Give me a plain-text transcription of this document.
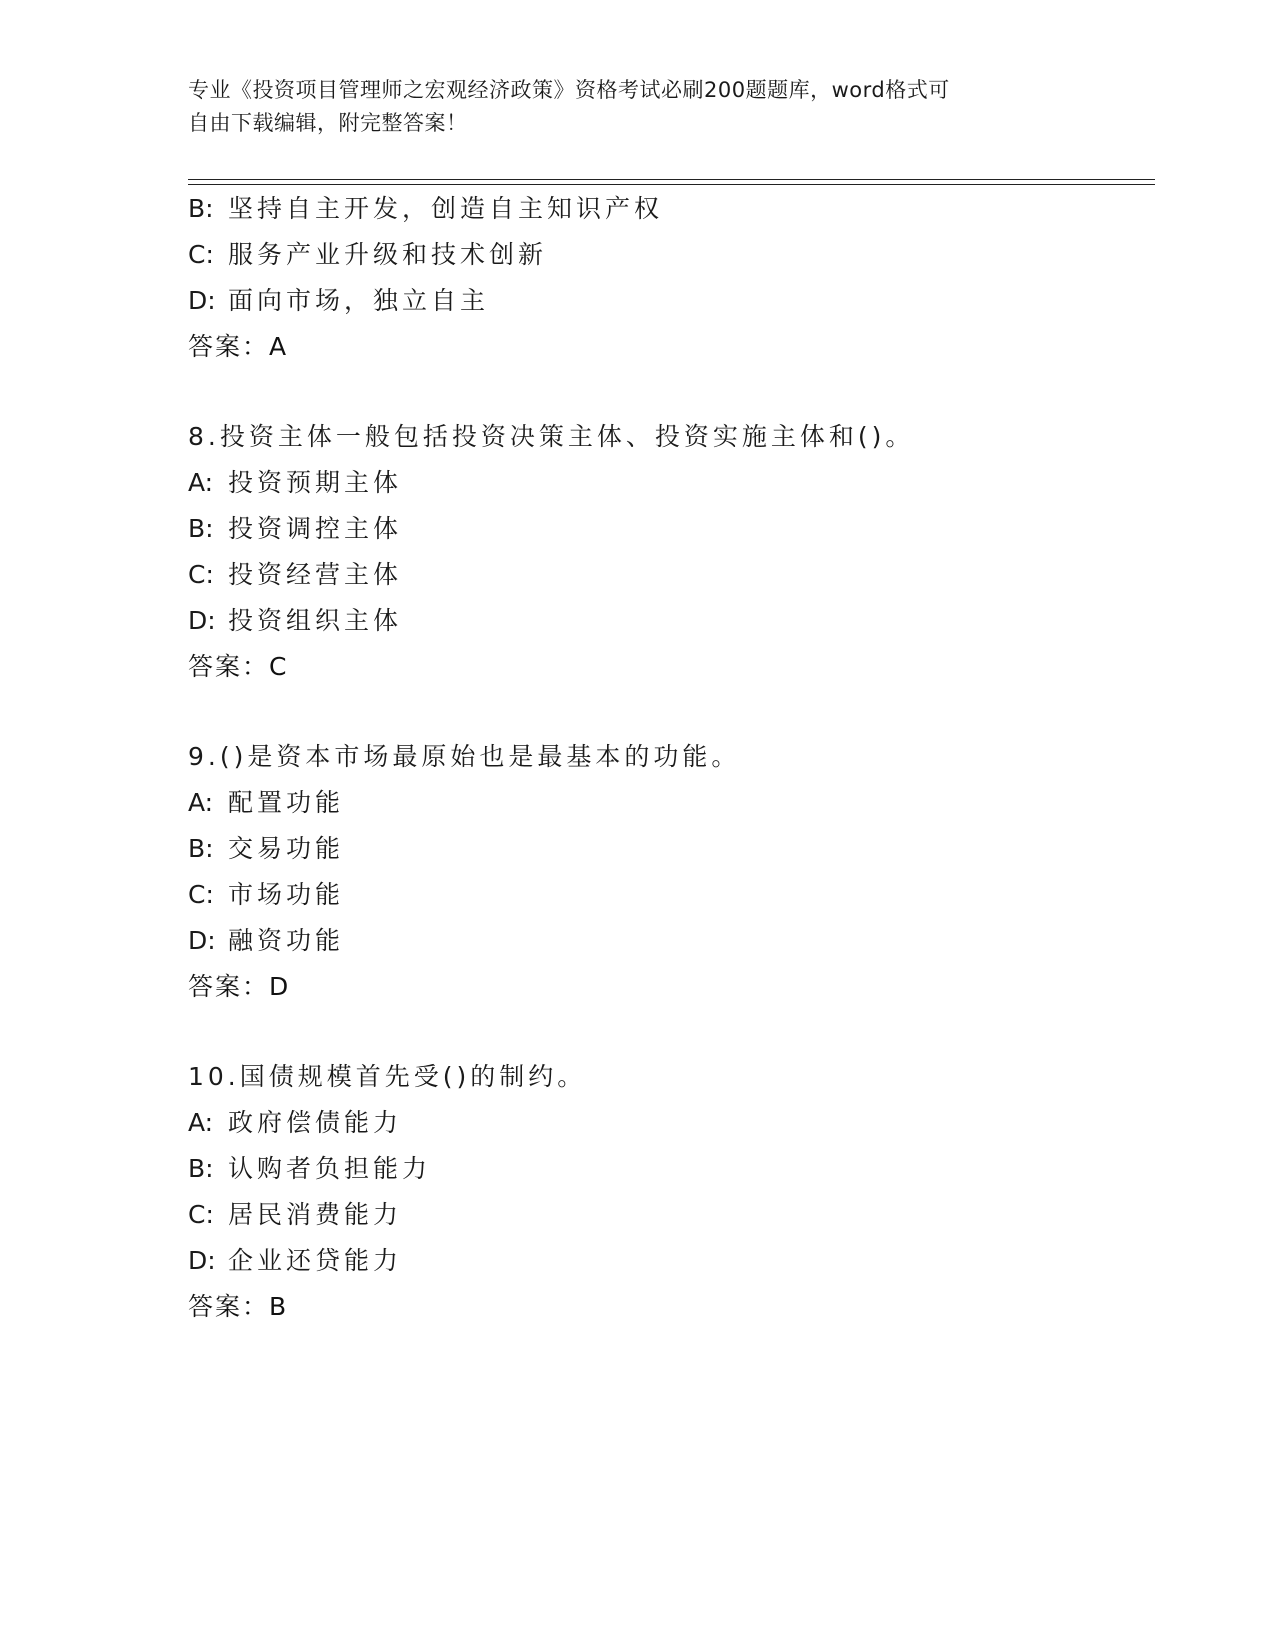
专业《投资项目管理师之宏观经济政策》资格考试必刷200题题库，word格式可
自由下载编辑，附完整答案！
B: 坚持自主开发，创造自主知识产权
C: 服务产业升级和技术创新
D: 面向市场，独立自主
答案：A
8.投资主体一般包括投资决策主体、投资实施主体和()。
A: 投资预期主体
B: 投资调控主体
C: 投资经营主体
D: 投资组织主体
答案：C
9.()是资本市场最原始也是最基本的功能。
A: 配置功能
B: 交易功能
C: 市场功能
D: 融资功能
答案：D
10.国债规模首先受()的制约。
A: 政府偿债能力
B: 认购者负担能力
C: 居民消费能力
D: 企业还贷能力
答案：B
